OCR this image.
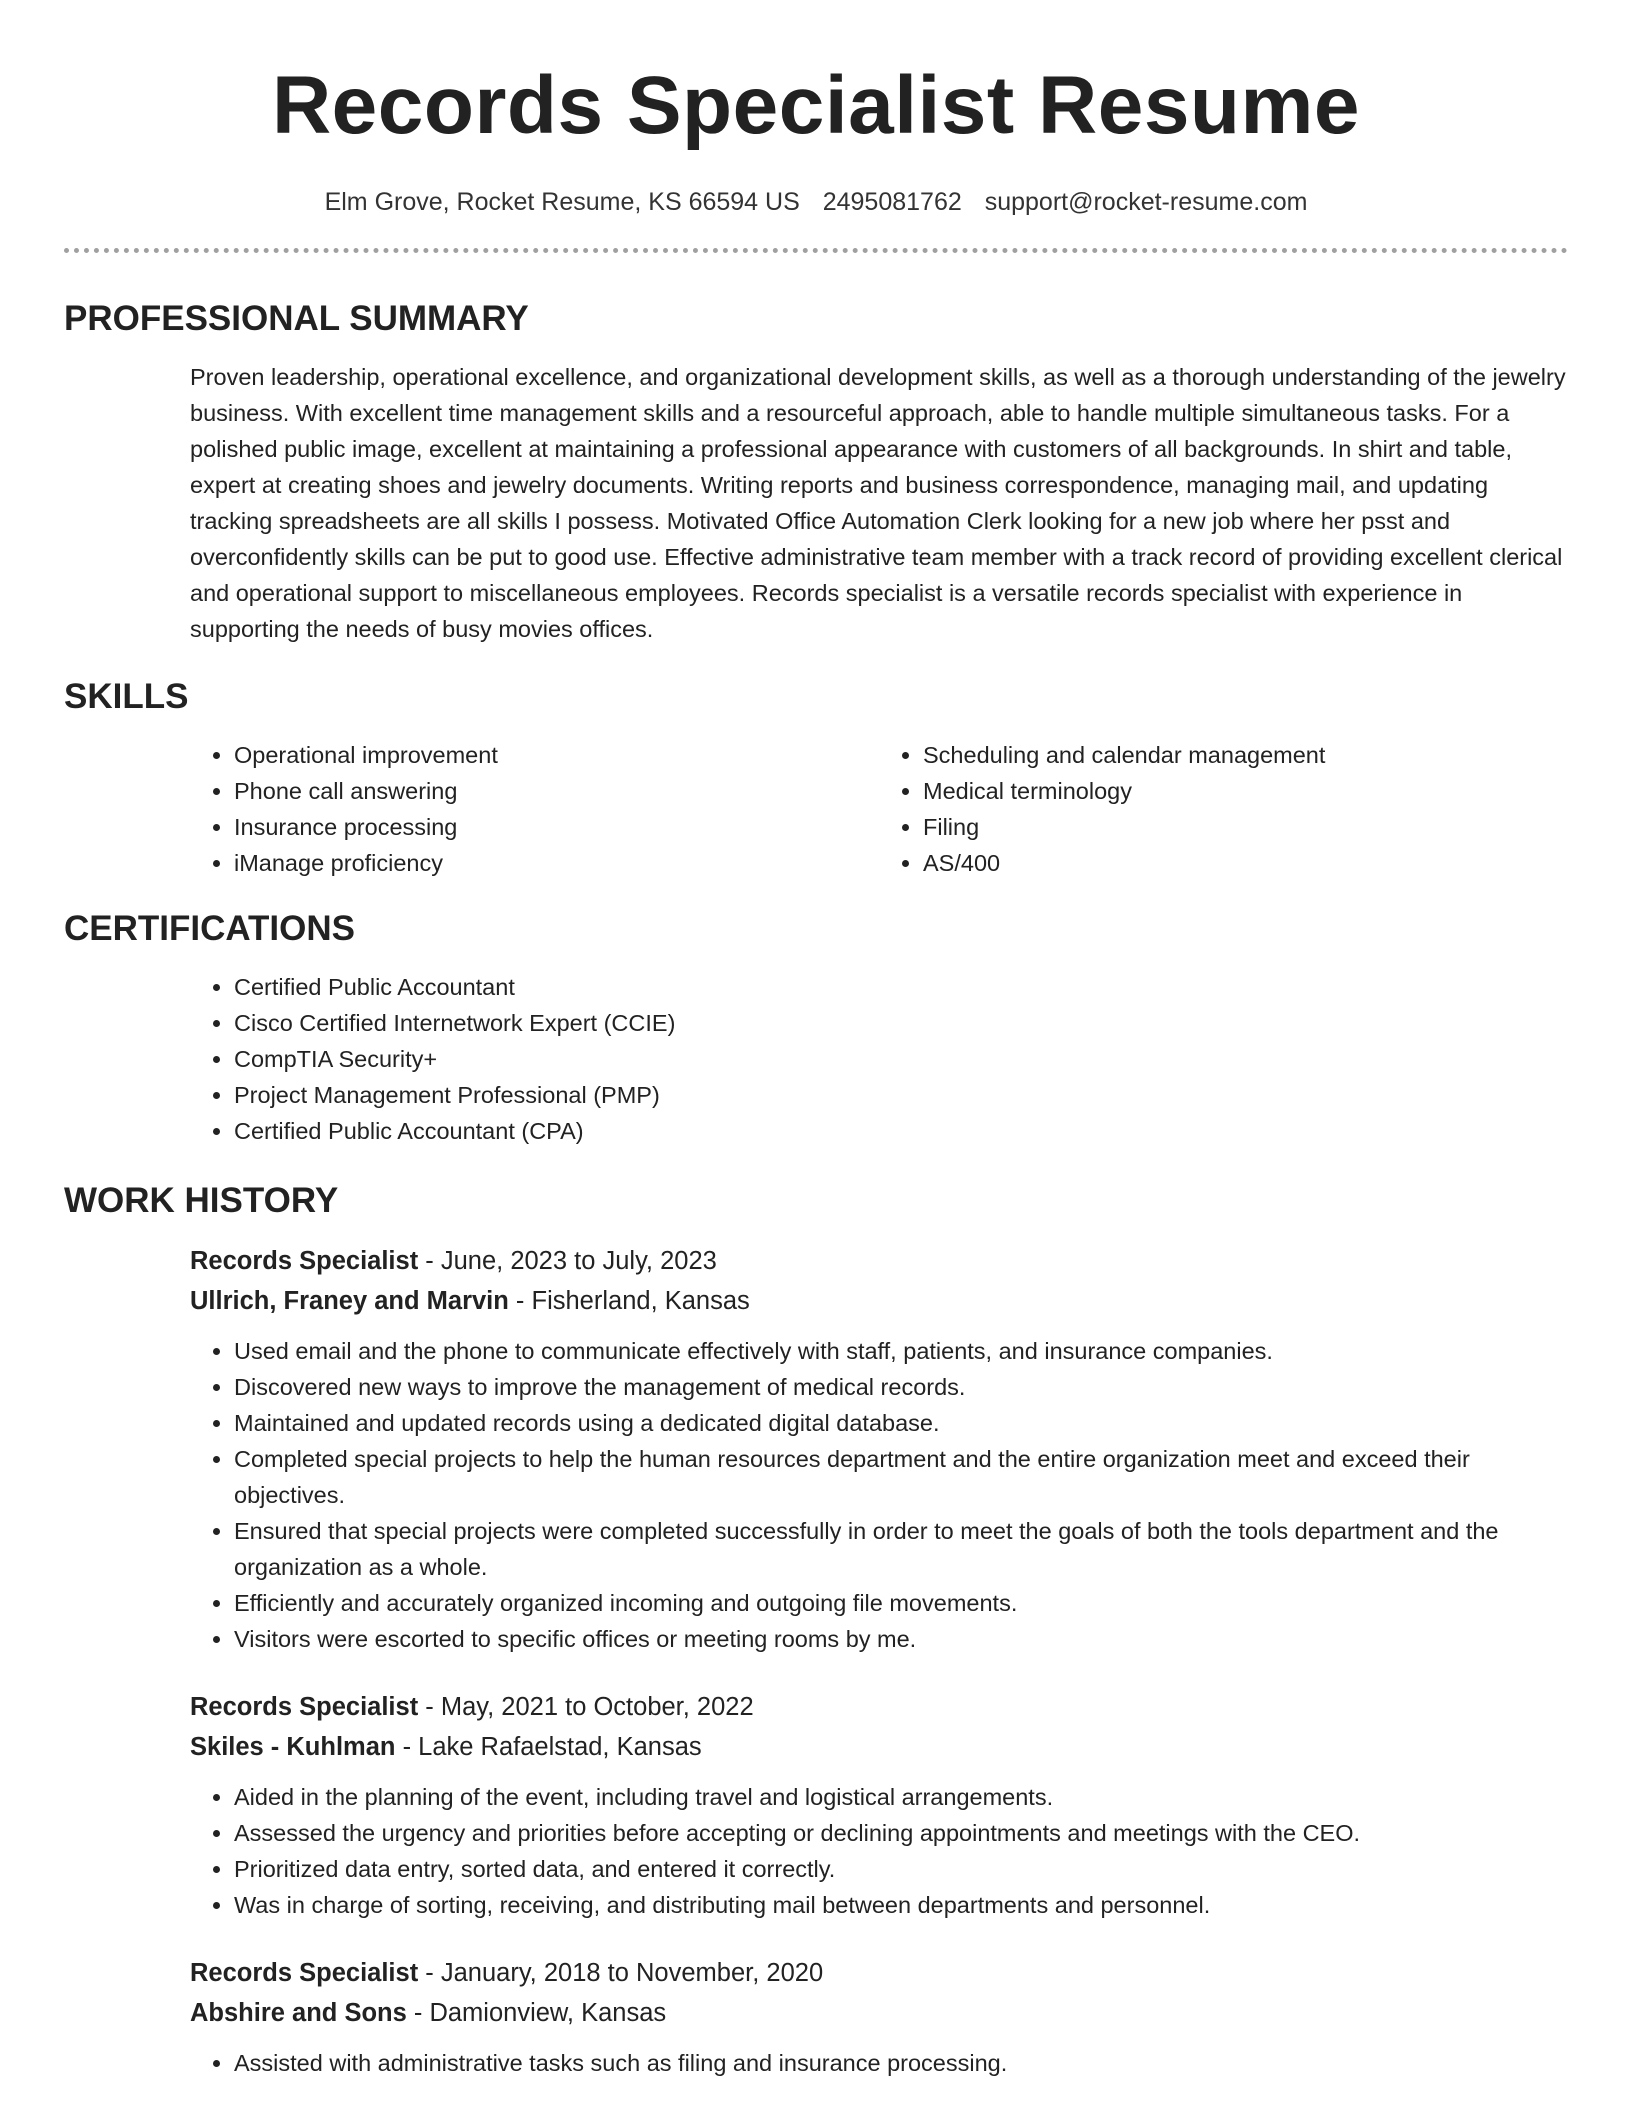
Records Specialist Resume
Elm Grove, Rocket Resume, KS 66594 US 2495081762 support@rocket-resume.com
PROFESSIONAL SUMMARY
Proven leadership, operational excellence, and organizational development skills, as well as a thorough understanding of the jewelry business. With excellent time management skills and a resourceful approach, able to handle multiple simultaneous tasks. For a polished public image, excellent at maintaining a professional appearance with customers of all backgrounds. In shirt and table, expert at creating shoes and jewelry documents. Writing reports and business correspondence, managing mail, and updating tracking spreadsheets are all skills I possess. Motivated Office Automation Clerk looking for a new job where her psst and overconfidently skills can be put to good use. Effective administrative team member with a track record of providing excellent clerical and operational support to miscellaneous employees. Records specialist is a versatile records specialist with experience in supporting the needs of busy movies offices.
SKILLS
• Operational improvement
• Phone call answering
• Insurance processing
• iManage proficiency
• Scheduling and calendar management
• Medical terminology
• Filing
• AS/400
CERTIFICATIONS
• Certified Public Accountant
• Cisco Certified Internetwork Expert (CCIE)
• CompTIA Security+
• Project Management Professional (PMP)
• Certified Public Accountant (CPA)
WORK HISTORY
Records Specialist - June, 2023 to July, 2023
Ullrich, Franey and Marvin - Fisherland, Kansas
• Used email and the phone to communicate effectively with staff, patients, and insurance companies.
• Discovered new ways to improve the management of medical records.
• Maintained and updated records using a dedicated digital database.
• Completed special projects to help the human resources department and the entire organization meet and exceed their objectives.
• Ensured that special projects were completed successfully in order to meet the goals of both the tools department and the organization as a whole.
• Efficiently and accurately organized incoming and outgoing file movements.
• Visitors were escorted to specific offices or meeting rooms by me.
Records Specialist - May, 2021 to October, 2022
Skiles - Kuhlman - Lake Rafaelstad, Kansas
• Aided in the planning of the event, including travel and logistical arrangements.
• Assessed the urgency and priorities before accepting or declining appointments and meetings with the CEO.
• Prioritized data entry, sorted data, and entered it correctly.
• Was in charge of sorting, receiving, and distributing mail between departments and personnel.
Records Specialist - January, 2018 to November, 2020
Abshire and Sons - Damionview, Kansas
• Assisted with administrative tasks such as filing and insurance processing.
